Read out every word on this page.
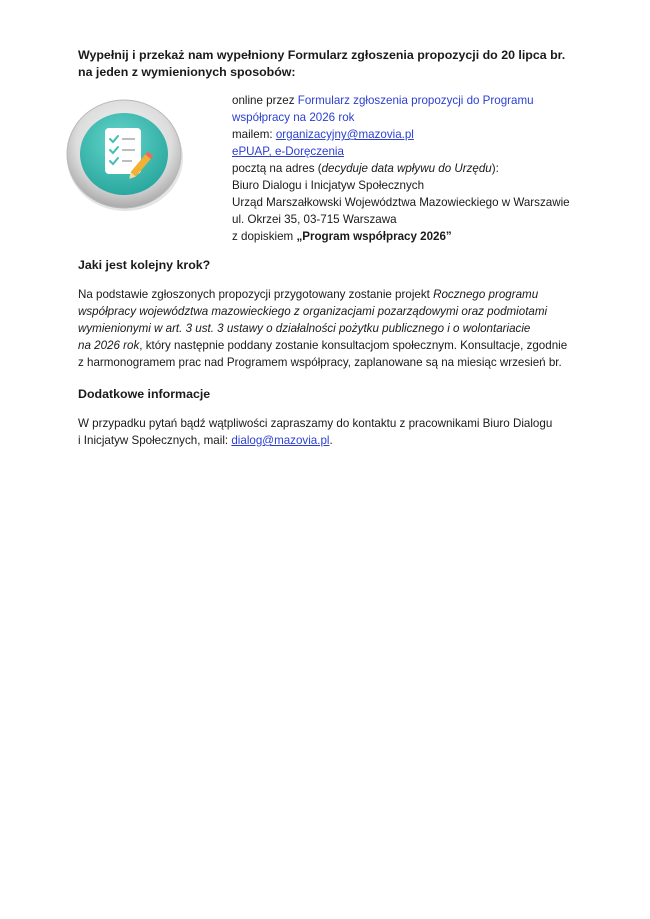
Wypełnij i przekaż nam wypełniony Formularz zgłoszenia propozycji do 20 lipca br.
na jeden z wymienionych sposobów:
online przez Formularz zgłoszenia propozycji do Programu
współpracy na 2026 rok
mailem: organizacyjny@mazovia.pl
ePUAP, e-Doręczenia
pocztą na adres (decyduje data wpływu do Urzędu):
Biuro Dialogu i Inicjatyw Społecznych
Urząd Marszałkowski Województwa Mazowieckiego w Warszawie
ul. Okrzei 35, 03-715 Warszawa
z dopiskiem „Program współpracy 2026”
Jaki jest kolejny krok?
Na podstawie zgłoszonych propozycji przygotowany zostanie projekt Rocznego programu
współpracy województwa mazowieckiego z organizacjami pozarządowymi oraz podmiotami
wymienionymi w art. 3 ust. 3 ustawy o działalności pożytku publicznego i o wolontariacie
na 2026 rok, który następnie poddany zostanie konsultacjom społecznym. Konsultacje, zgodnie
z harmonogramem prac nad Programem współpracy, zaplanowane są na miesiąc wrzesień br.
Dodatkowe informacje
W przypadku pytań bądź wątpliwości zapraszamy do kontaktu z pracownikami Biuro Dialogu
i Inicjatyw Społecznych, mail: dialog@mazovia.pl.
